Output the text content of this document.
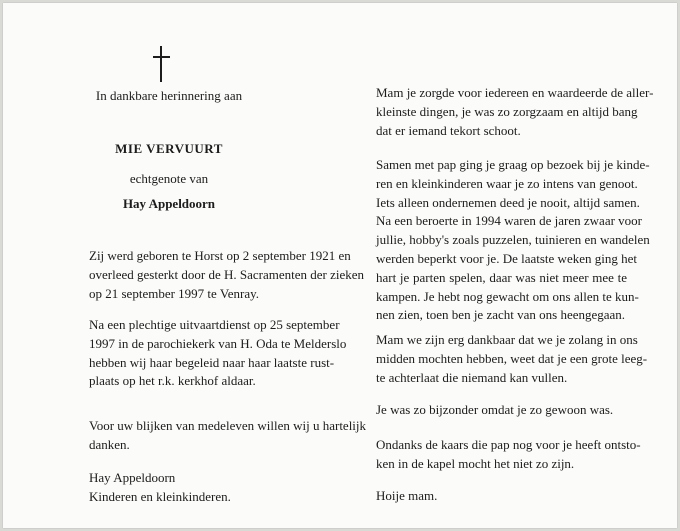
In dankbare herinnering aan
MIE VERVUURT
echtgenote van
Hay Appeldoorn
Zij werd geboren te Horst op 2 september 1921 en
overleed gesterkt door de H. Sacramenten der zieken
op 21 september 1997 te Venray.
Na een plechtige uitvaartdienst op 25 september
1997 in de parochiekerk van H. Oda te Melderslo
hebben wij haar begeleid naar haar laatste rust-
plaats op het r.k. kerkhof aldaar.
Voor uw blijken van medeleven willen wij u hartelijk
danken.
Hay Appeldoorn
Kinderen en kleinkinderen.
Mam je zorgde voor iedereen en waardeerde de aller-
kleinste dingen, je was zo zorgzaam en altijd bang
dat er iemand tekort schoot.
Samen met pap ging je graag op bezoek bij je kinde-
ren en kleinkinderen waar je zo intens van genoot.
Iets alleen ondernemen deed je nooit, altijd samen.
Na een beroerte in 1994 waren de jaren zwaar voor
jullie, hobby's zoals puzzelen, tuinieren en wandelen
werden beperkt voor je. De laatste weken ging het
hart je parten spelen, daar was niet meer mee te
kampen. Je hebt nog gewacht om ons allen te kun-
nen zien, toen ben je zacht van ons heengegaan.
Mam we zijn erg dankbaar dat we je zolang in ons
midden mochten hebben, weet dat je een grote leeg-
te achterlaat die niemand kan vullen.
Je was zo bijzonder omdat je zo gewoon was.
Ondanks de kaars die pap nog voor je heeft ontsto-
ken in de kapel mocht het niet zo zijn.
Hoije mam.
